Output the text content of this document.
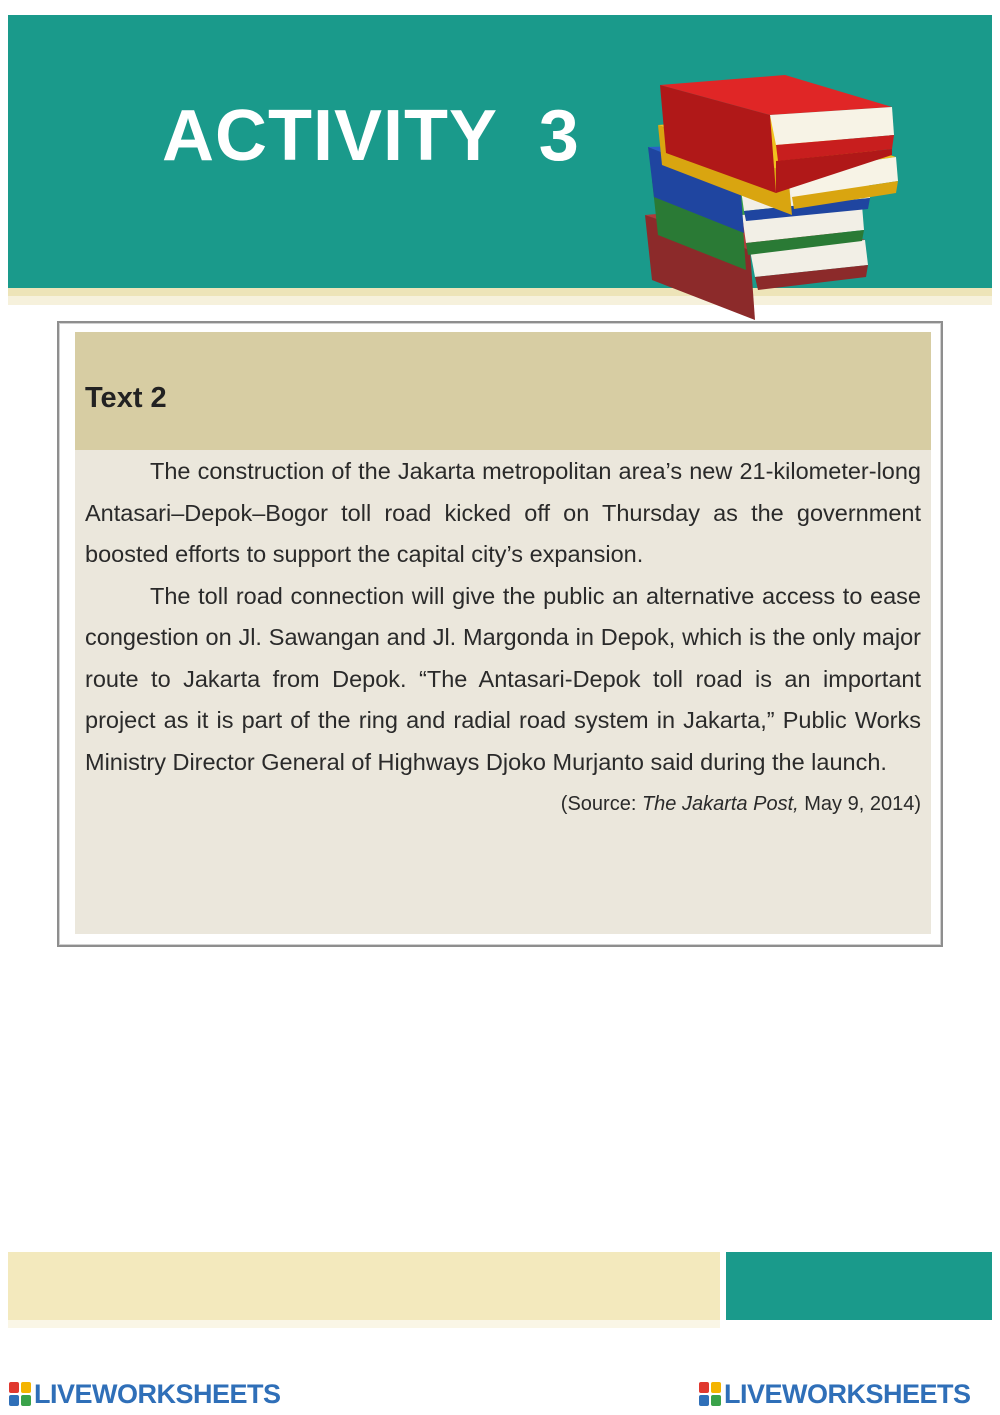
ACTIVITY  3
Text 2

The construction of the Jakarta metropolitan area’s new 21-kilometer-long Antasari–Depok–Bogor toll road kicked off on Thursday as the government boosted efforts to support the capital city’s expansion.

The toll road connection will give the public an alternative access to ease congestion on Jl. Sawangan and Jl. Margonda in Depok, which is the only major route to Jakarta from Depok. “The Antasari-Depok toll road is an important project as it is part of the ring and radial road system in Jakarta,” Public Works Ministry Director General of Highways Djoko Murjanto said during the launch.

(Source: The Jakarta Post, May 9, 2014)

LIVEWORKSHEETS	LIVEWORKSHEETS
